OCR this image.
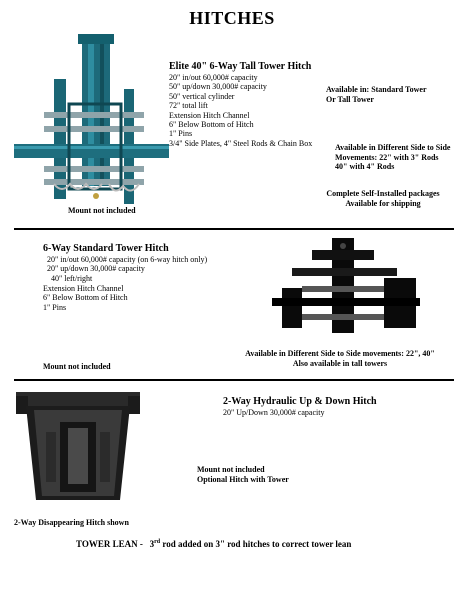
HITCHES
Elite 40" 6-Way Tall Tower Hitch
20" in/out 60,000# capacity
50" up/down 30,000# capacity
50" vertical cylinder
72" total lift
Extension Hitch Channel
6" Below Bottom of Hitch
1" Pins
3/4" Side Plates, 4" Steel Rods & Chain Box
Available in: Standard Tower
Or Tall Tower
Available in Different Side to Side
Movements: 22" with 3" Rods
40" with 4" Rods
Complete Self-Installed packages
Available for shipping
Mount not included
6-Way Standard Tower Hitch
20" in/out 60,000# capacity (on 6-way hitch only)
20" up/down 30,000# capacity
40" left/right
Extension Hitch Channel
6" Below Bottom of Hitch
1" Pins
Available in Different Side to Side movements: 22", 40"
Also available in tall towers
Mount not included
2-Way Hydraulic Up & Down Hitch
20" Up/Down 30,000# capacity
Mount not included
Optional Hitch with Tower
2-Way Disappearing Hitch shown
TOWER LEAN - 3rd rod added on 3" rod hitches to correct tower lean
